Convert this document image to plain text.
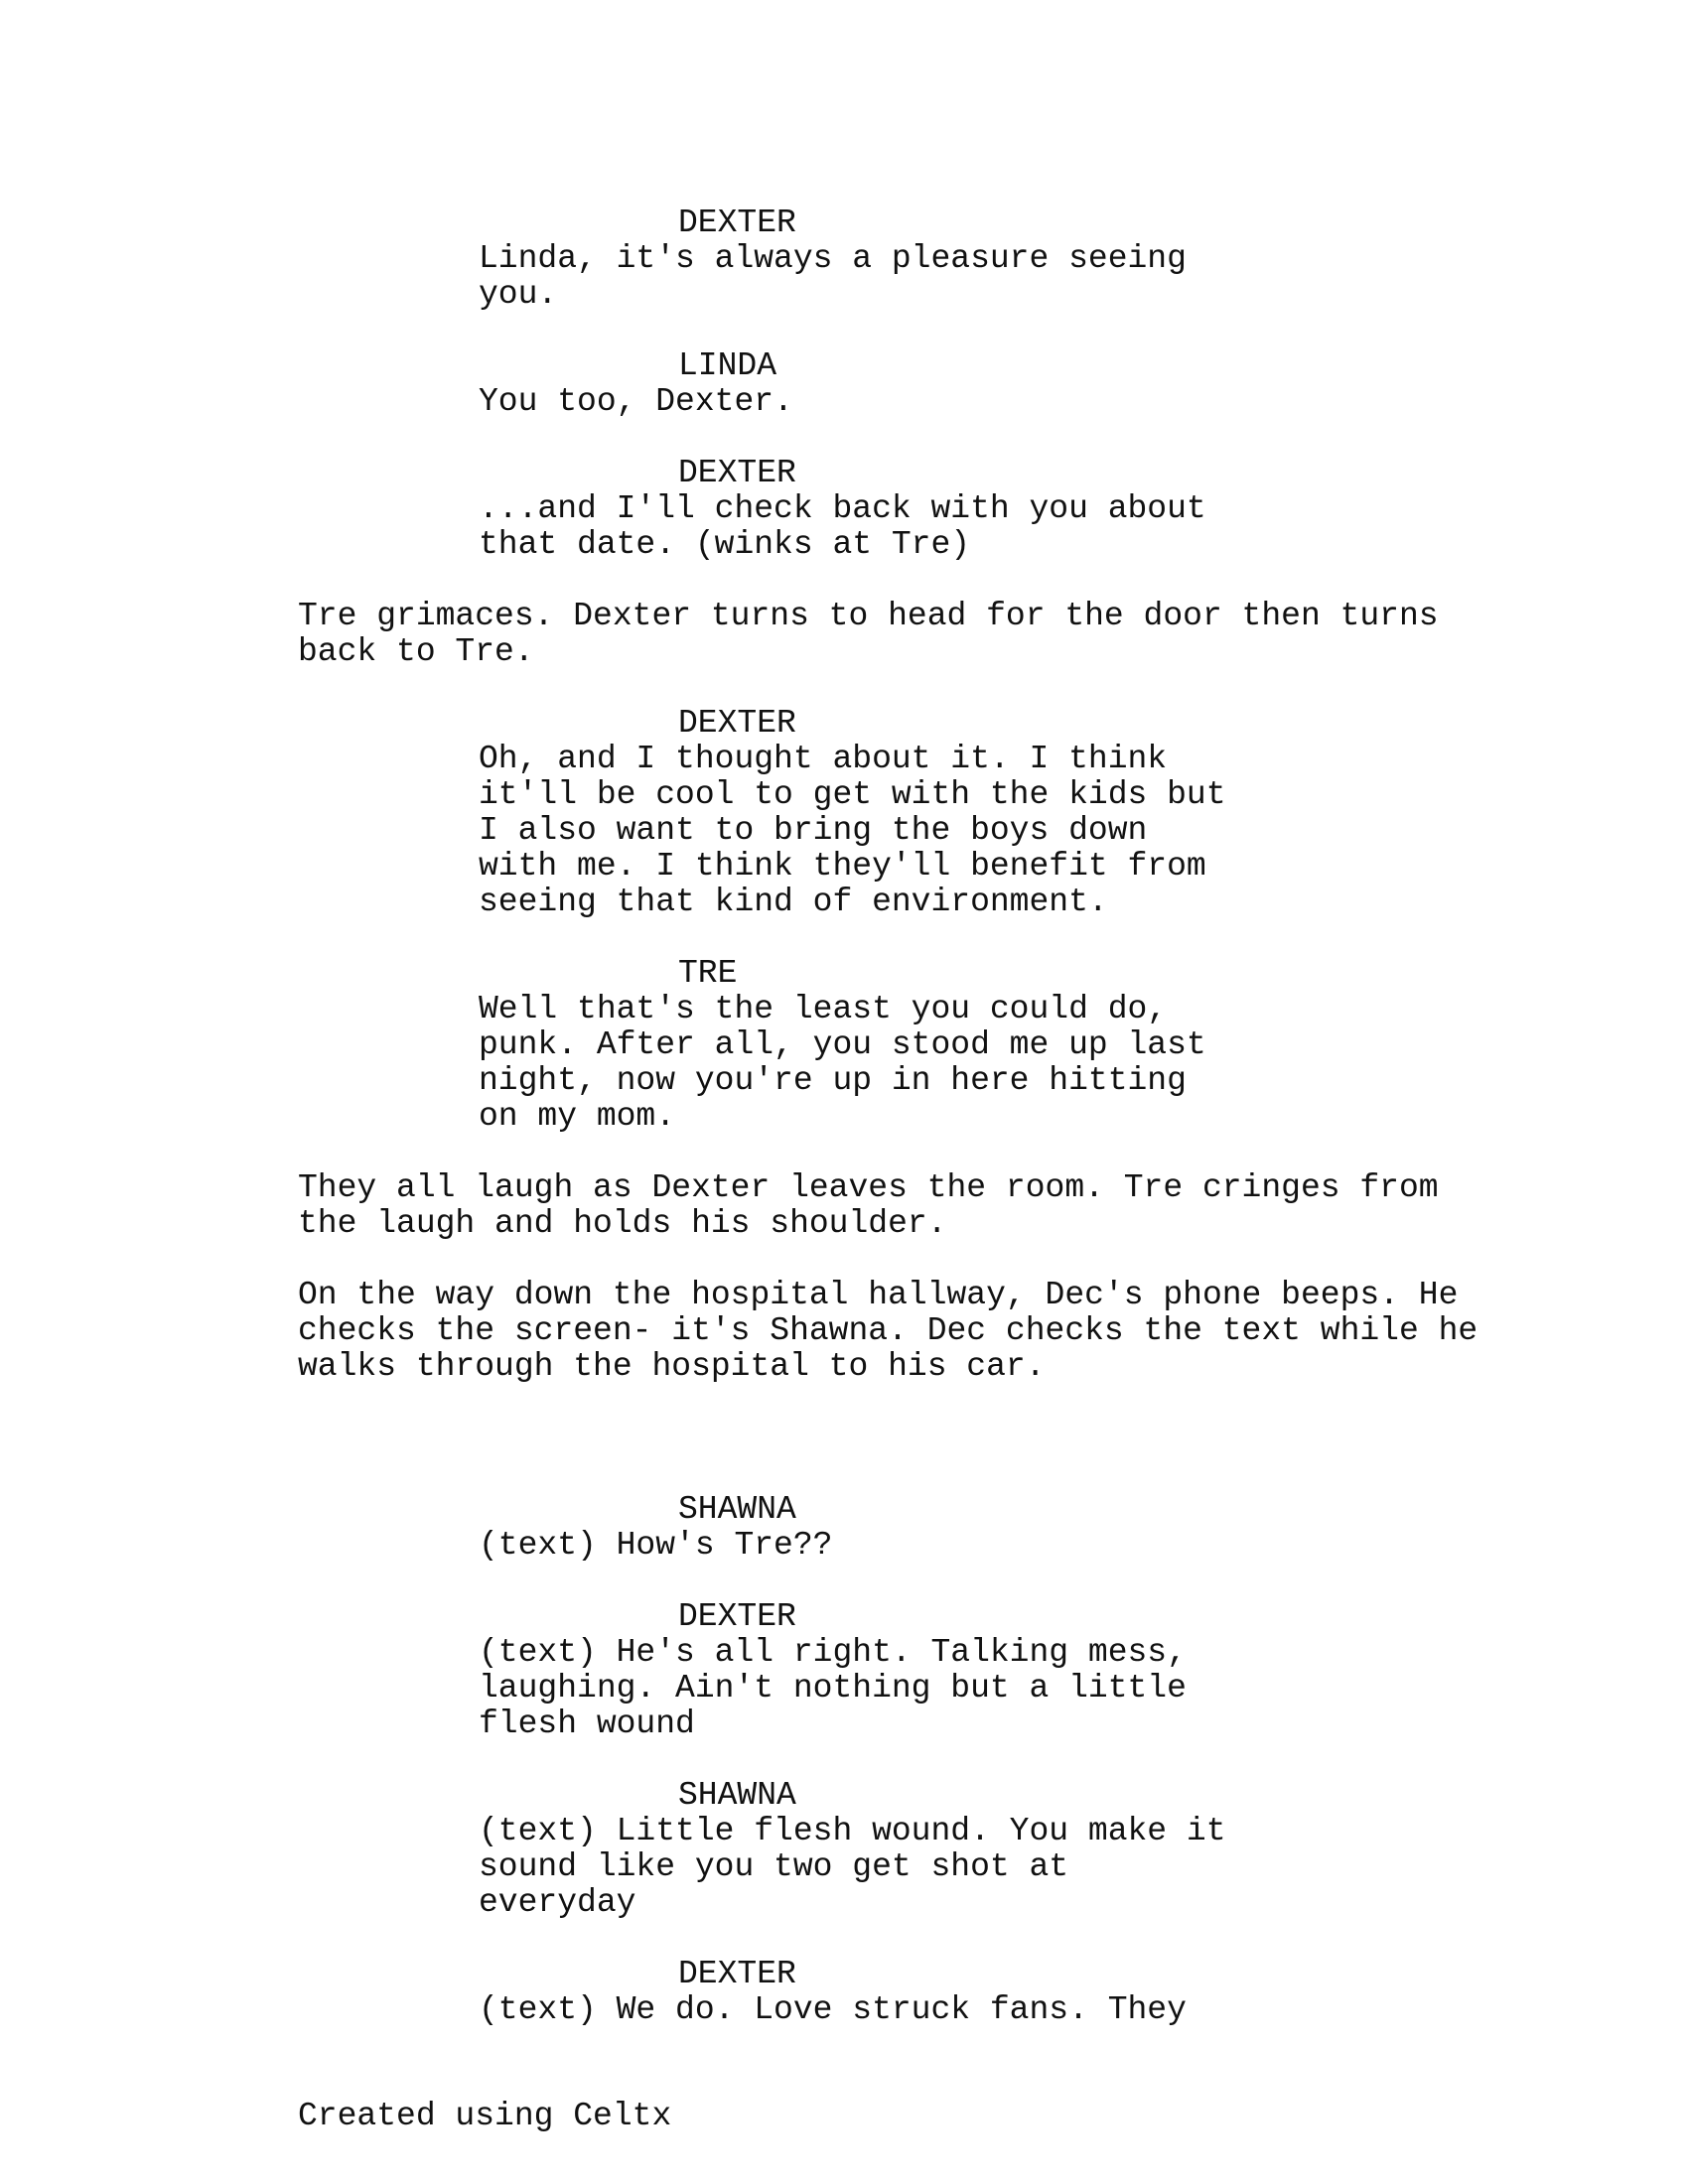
DEXTER
Linda, it's always a pleasure seeing
you.
LINDA
You too, Dexter.
DEXTER
...and I'll check back with you about
that date. (winks at Tre)
Tre grimaces. Dexter turns to head for the door then turns
back to Tre.
DEXTER
Oh, and I thought about it. I think
it'll be cool to get with the kids but
I also want to bring the boys down
with me. I think they'll benefit from
seeing that kind of environment.
TRE
Well that's the least you could do,
punk. After all, you stood me up last
night, now you're up in here hitting
on my mom.
They all laugh as Dexter leaves the room. Tre cringes from
the laugh and holds his shoulder.
On the way down the hospital hallway, Dec's phone beeps. He
checks the screen- it's Shawna. Dec checks the text while he
walks through the hospital to his car.
SHAWNA
(text) How's Tre??
DEXTER
(text) He's all right. Talking mess,
laughing. Ain't nothing but a little
flesh wound
SHAWNA
(text) Little flesh wound. You make it
sound like you two get shot at
everyday
DEXTER
(text) We do. Love struck fans. They
Created using Celtx
